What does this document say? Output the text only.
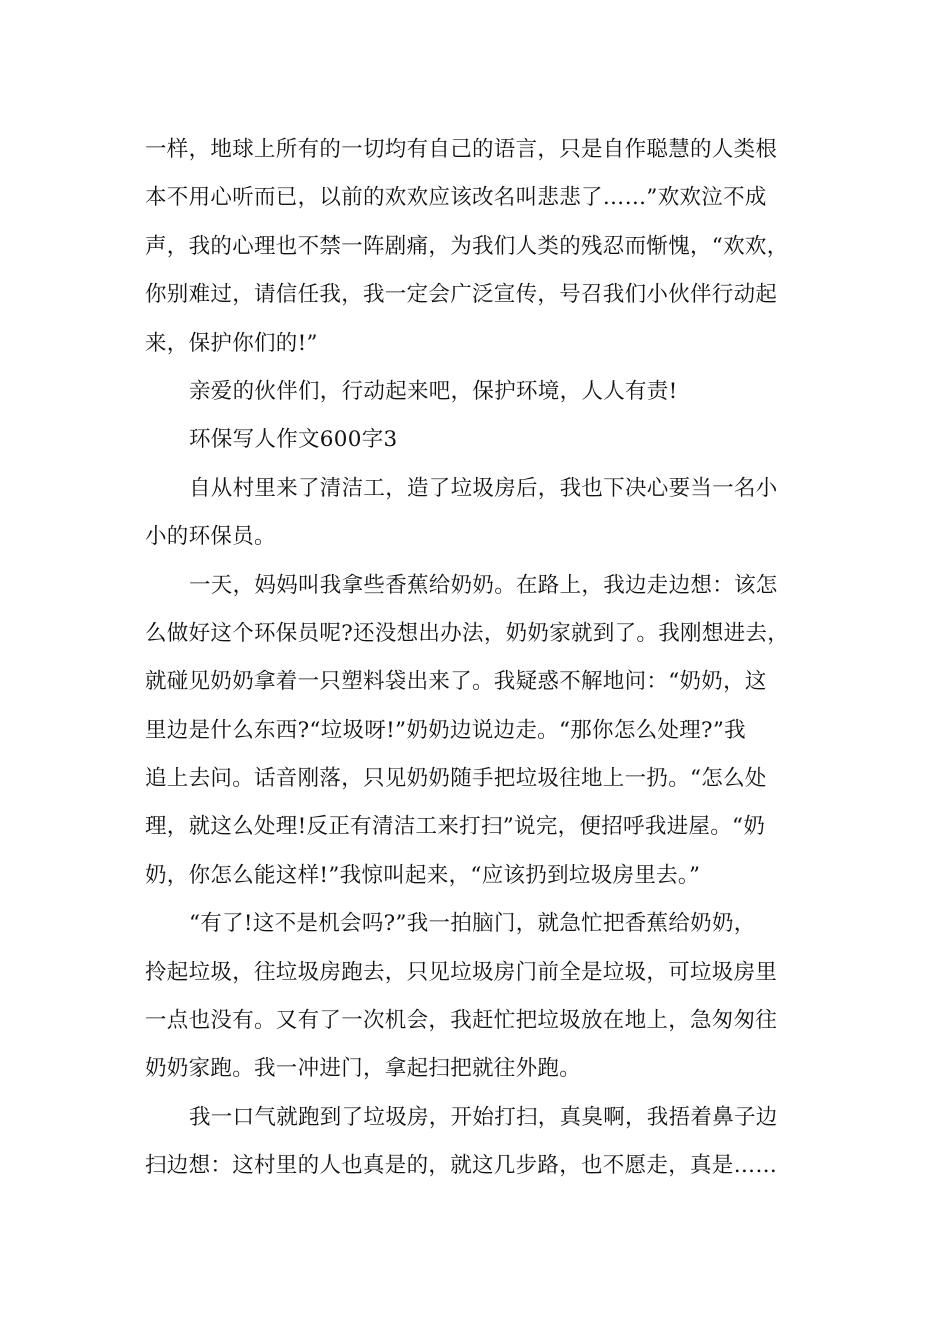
一样，地球上所有的一切均有自己的语言，只是自作聪慧的人类根
本不用心听而已，以前的欢欢应该改名叫悲悲了……”欢欢泣不成
声，我的心理也不禁一阵剧痛，为我们人类的残忍而惭愧，“欢欢，
你别难过，请信任我，我一定会广泛宣传，号召我们小伙伴行动起
来，保护你们的!”
亲爱的伙伴们，行动起来吧，保护环境，人人有责!
环保写人作文600字3
自从村里来了清洁工，造了垃圾房后，我也下决心要当一名小
小的环保员。
一天，妈妈叫我拿些香蕉给奶奶。在路上，我边走边想：该怎
么做好这个环保员呢?还没想出办法，奶奶家就到了。我刚想进去，
就碰见奶奶拿着一只塑料袋出来了。我疑惑不解地问：“奶奶，这
里边是什么东西?“垃圾呀!”奶奶边说边走。“那你怎么处理?”我
追上去问。话音刚落，只见奶奶随手把垃圾往地上一扔。“怎么处
理，就这么处理!反正有清洁工来打扫”说完，便招呼我进屋。“奶
奶，你怎么能这样!”我惊叫起来，“应该扔到垃圾房里去。”
“有了!这不是机会吗?”我一拍脑门，就急忙把香蕉给奶奶，
拎起垃圾，往垃圾房跑去，只见垃圾房门前全是垃圾，可垃圾房里
一点也没有。又有了一次机会，我赶忙把垃圾放在地上，急匆匆往
奶奶家跑。我一冲进门，拿起扫把就往外跑。
我一口气就跑到了垃圾房，开始打扫，真臭啊，我捂着鼻子边
扫边想：这村里的人也真是的，就这几步路，也不愿走，真是……
